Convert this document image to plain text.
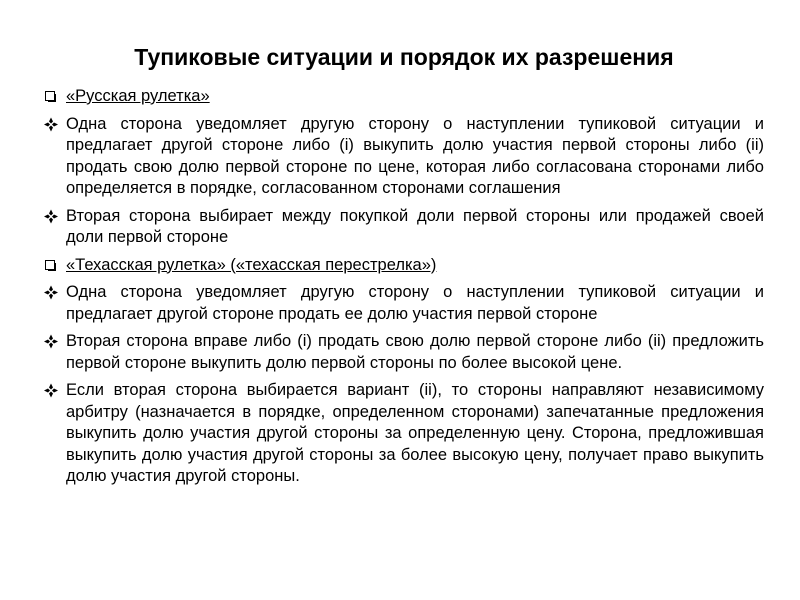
Тупиковые ситуации и порядок их разрешения
«Русская рулетка»
Одна сторона уведомляет другую сторону о наступлении тупиковой ситуации и предлагает другой стороне либо (i) выкупить долю участия первой стороны либо (ii) продать свою долю первой стороне по цене, которая либо согласована сторонами либо определяется в порядке, согласованном сторонами соглашения
Вторая сторона выбирает между покупкой доли первой стороны или продажей своей доли первой стороне
«Техасская рулетка» («техасская перестрелка»)
Одна сторона уведомляет другую сторону о наступлении тупиковой ситуации и предлагает другой стороне продать ее долю участия первой стороне
Вторая сторона вправе либо (i) продать свою долю первой стороне либо (ii) предложить первой стороне выкупить долю первой стороны по более высокой цене.
Если вторая сторона выбирается вариант (ii), то стороны направляют независимому арбитру (назначается в порядке, определенном сторонами) запечатанные предложения выкупить долю участия другой стороны за определенную цену. Сторона, предложившая выкупить долю участия другой стороны за более высокую цену, получает право выкупить долю участия другой стороны.
